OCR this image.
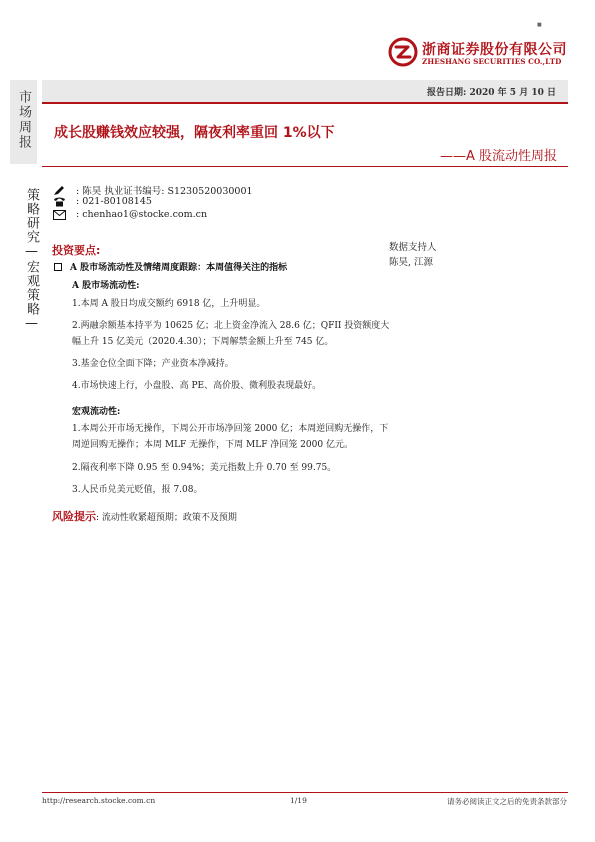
■
浙商证券股份有限公司
ZHESHANG SECURITIES CO.,LTD
市场周报
策略研究—宏观策略—
报告日期: 2020 年 5 月 10 日
成长股赚钱效应较强，隔夜利率重回 1%以下
——A 股流动性周报
: 陈昊 执业证书编号: S1230520030001
: 021-80108145
: chenhao1@stocke.com.cn
投资要点:	数据支持人
陈昊, 江源
A 股市场流动性及情绪周度跟踪：本周值得关注的指标
A 股市场流动性:
1.本周 A 股日均成交额约 6918 亿，上升明显。
2.两融余额基本持平为 10625 亿；北上资金净流入 28.6 亿；QFII 投资额度大幅上升 15 亿美元（2020.4.30）；下周解禁金额上升至 745 亿。
3.基金仓位全面下降；产业资本净减持。
4.市场快速上行，小盘股、高 PE、高价股、微利股表现最好。
宏观流动性:
1.本周公开市场无操作，下周公开市场净回笼 2000 亿；本周逆回购无操作，下周逆回购无操作；本周 MLF 无操作，下周 MLF 净回笼 2000 亿元。
2.隔夜利率下降 0.95 至 0.94%；美元指数上升 0.70 至 99.75。
3.人民币兑美元贬值，报 7.08。
风险提示: 流动性收紧超预期；政策不及预期
http://research.stocke.com.cn	1/19	请务必阅读正文之后的免责条款部分
